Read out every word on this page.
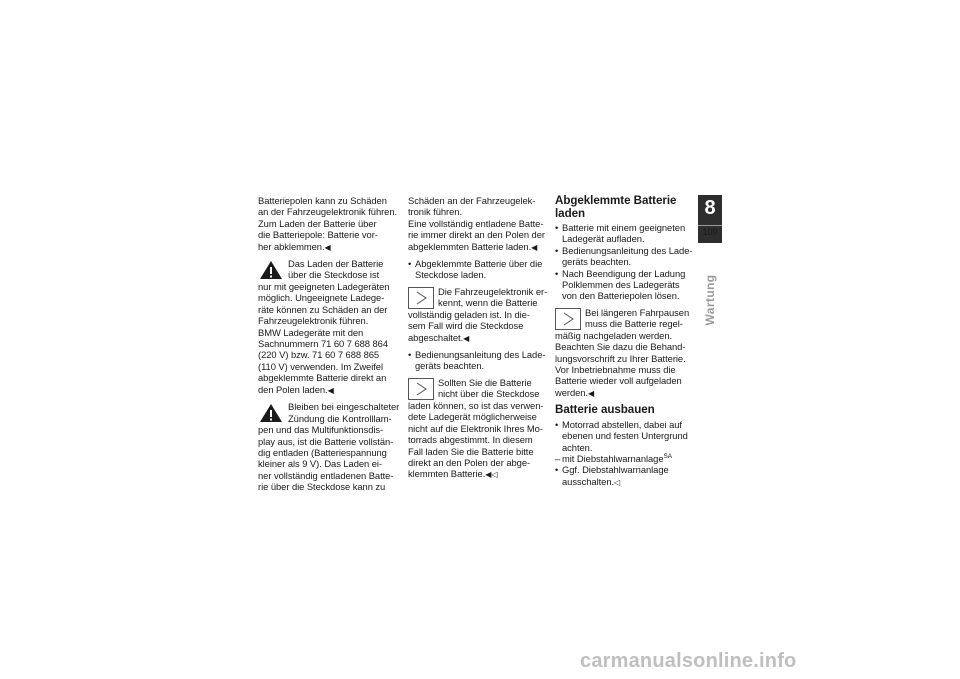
Batteriepolen kann zu Schäden
an der Fahrzeugelektronik führen.
Zum Laden der Batterie über
die Batteriepole: Batterie vor-
her abklemmen.◀
Das Laden der Batterie
über die Steckdose ist
nur mit geeigneten Ladegeräten
möglich. Ungeeignete Ladege-
räte können zu Schäden an der
Fahrzeugelektronik führen.
BMW Ladegeräte mit den
Sachnummern 71 60 7 688 864
(220 V) bzw. 71 60 7 688 865
(110 V) verwenden. Im Zweifel
abgeklemmte Batterie direkt an
den Polen laden.◀
Bleiben bei eingeschalteter
Zündung die Kontrolllam-
pen und das Multifunktionsdis-
play aus, ist die Batterie vollstän-
dig entladen (Batteriespannung
kleiner als 9 V). Das Laden ei-
ner vollständig entladenen Batte-
rie über die Steckdose kann zu
Schäden an der Fahrzeugelek-
tronik führen.
Eine vollständig entladene Batte-
rie immer direkt an den Polen der
abgeklemmten Batterie laden.◀
• Abgeklemmte Batterie über die
Steckdose laden.
Die Fahrzeugelektronik er-
kennt, wenn die Batterie
vollständig geladen ist. In die-
sem Fall wird die Steckdose
abgeschaltet.◀
• Bedienungsanleitung des Lade-
geräts beachten.
Sollten Sie die Batterie
nicht über die Steckdose
laden können, so ist das verwen-
dete Ladegerät möglicherweise
nicht auf die Elektronik Ihres Mo-
torrads abgestimmt. In diesem
Fall laden Sie die Batterie bitte
direkt an den Polen der abge-
klemmten Batterie.◀◁
Abgeklemmte Batterie
laden
• Batterie mit einem geeigneten
Ladegerät aufladen.
• Bedienungsanleitung des Lade-
geräts beachten.
• Nach Beendigung der Ladung
Polklemmen des Ladegeräts
von den Batteriepolen lösen.
Bei längeren Fahrpausen
muss die Batterie regel-
mäßig nachgeladen werden.
Beachten Sie dazu die Behand-
lungsvorschrift zu Ihrer Batterie.
Vor Inbetriebnahme muss die
Batterie wieder voll aufgeladen
werden.◀
Batterie ausbauen
• Motorrad abstellen, dabei auf
ebenen und festen Untergrund
achten.
– mit Diebstahlwarnanlage$^{SA}$
• Ggf. Diebstahlwarnanlage
ausschalten.◁
8
109
Wartung
carmanualsonline.info
